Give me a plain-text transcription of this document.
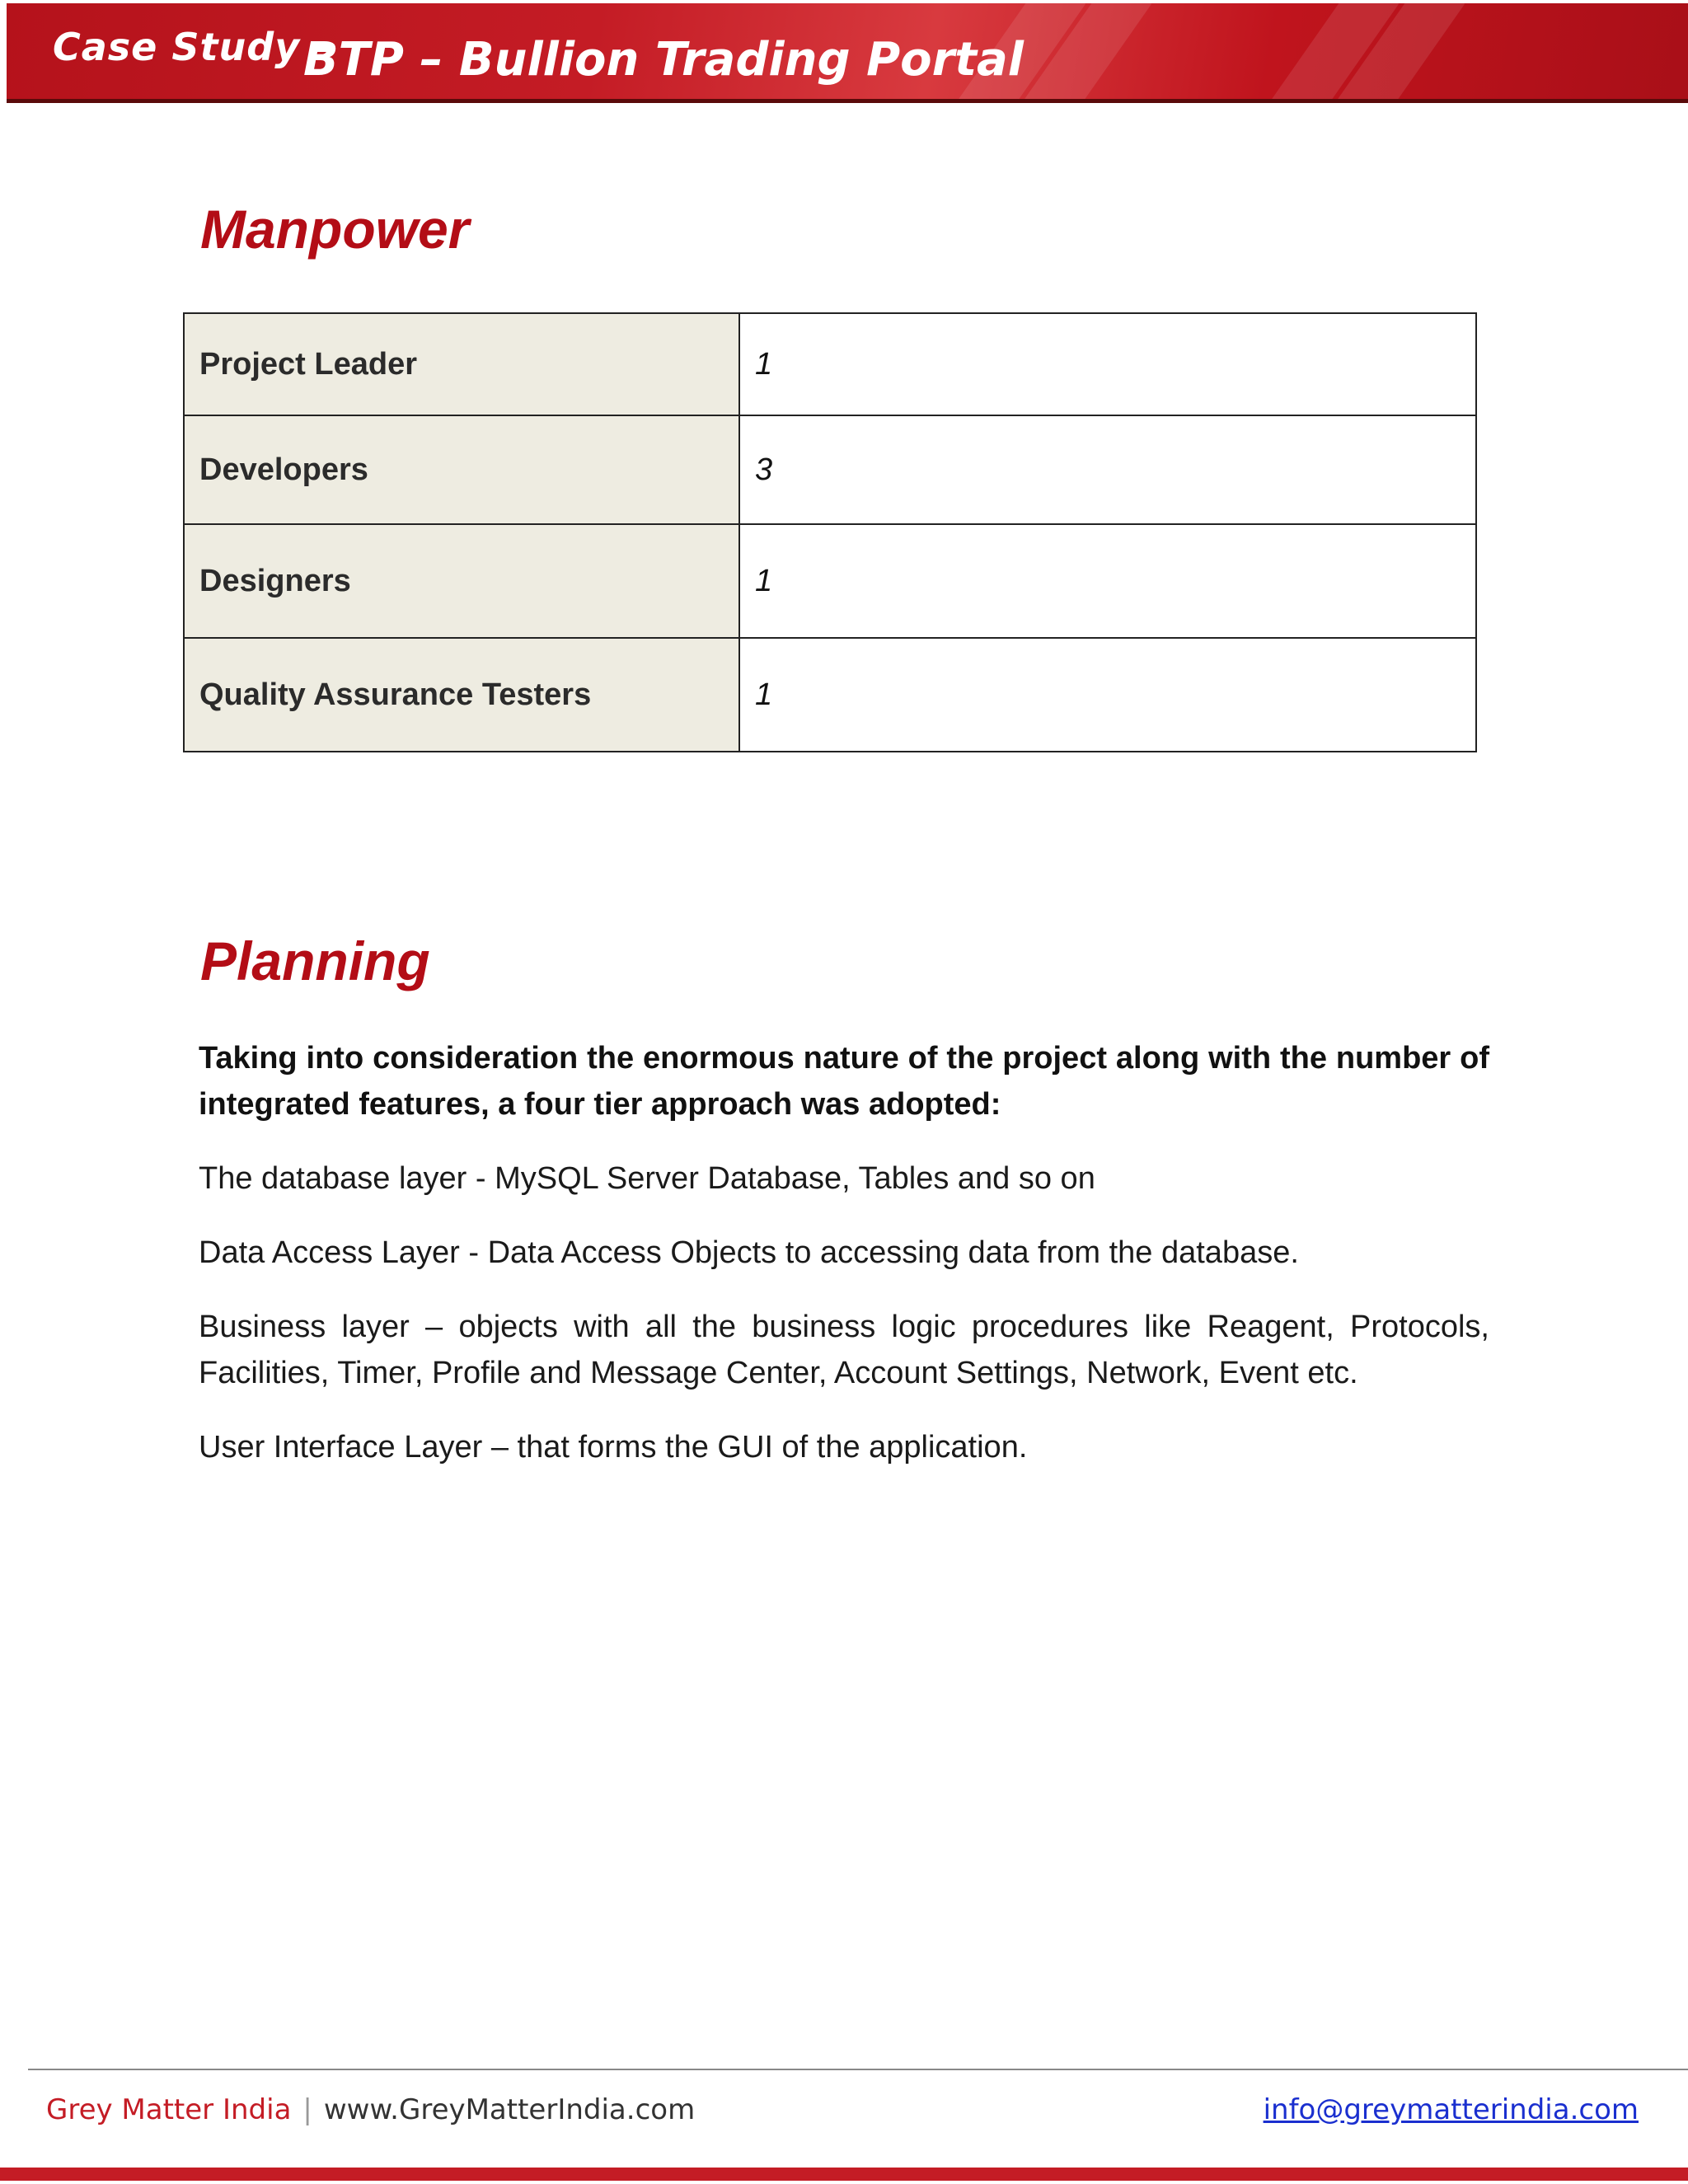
Case Study -
BTP – Bullion Trading Portal
Manpower
Project Leader	1
Developers	3
Designers	1
Quality Assurance Testers	1
Planning
Taking into consideration the enormous nature of the project along with the number of integrated features, a four tier approach was adopted:
The database layer - MySQL Server Database, Tables and so on
Data Access Layer - Data Access Objects to accessing data from the database.
Business layer – objects with all the business logic procedures like Reagent, Protocols, Facilities, Timer, Profile and Message Center, Account Settings, Network, Event etc.
User Interface Layer – that forms the GUI of the application.
Grey Matter India | www.GreyMatterIndia.com	info@greymatterindia.com
